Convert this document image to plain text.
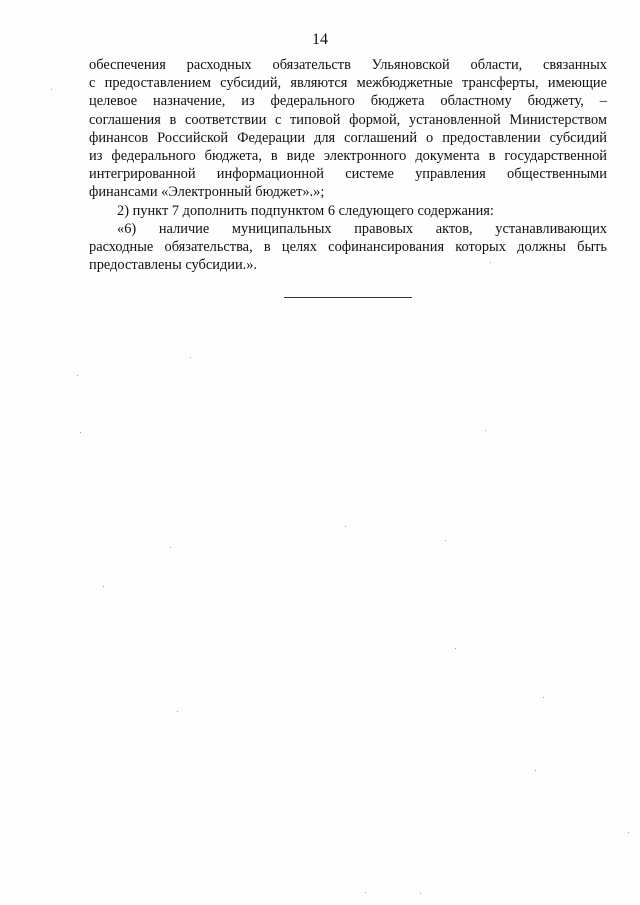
14
обеспечения расходных обязательств Ульяновской области, связанных
с предоставлением субсидий, являются межбюджетные трансферты, имеющие
целевое назначение, из федерального бюджета областному бюджету, –
соглашения в соответствии с типовой формой, установленной Министерством
финансов Российской Федерации для соглашений о предоставлении субсидий
из федерального бюджета, в виде электронного документа в государственной
интегрированной информационной системе управления общественными
финансами «Электронный бюджет».»;
2) пункт 7 дополнить подпунктом 6 следующего содержания:
«6) наличие муниципальных правовых актов, устанавливающих
расходные обязательства, в целях софинансирования которых должны быть
предоставлены субсидии.».
